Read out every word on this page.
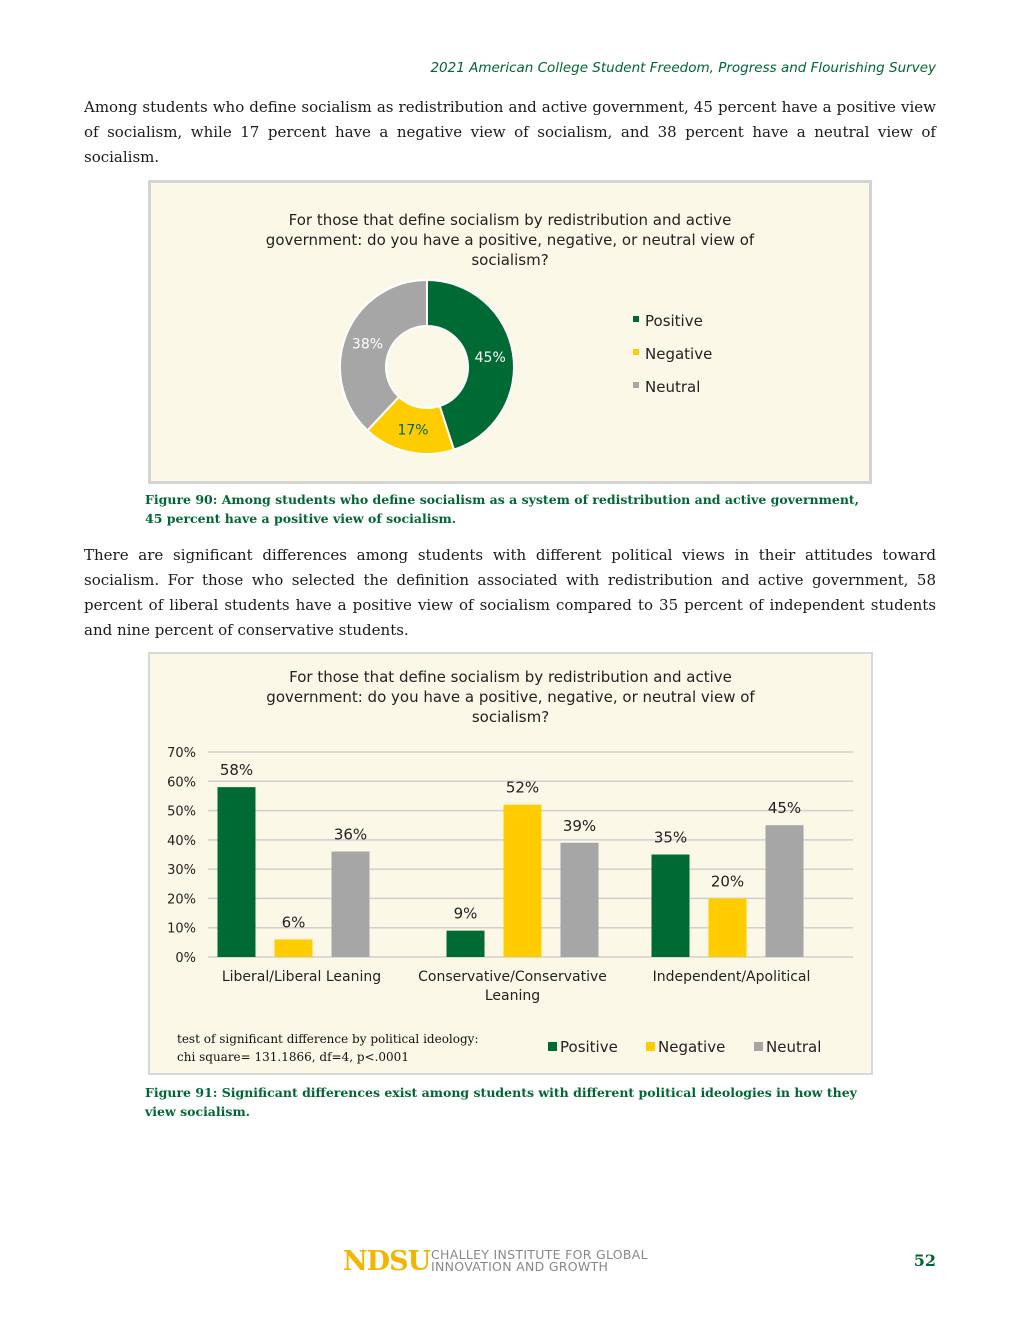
2021 American College Student Freedom, Progress and Flourishing Survey

Among students who define socialism as redistribution and active government, 45 percent have a positive view of socialism, while 17 percent have a negative view of socialism, and 38 percent have a neutral view of socialism.

For those that define socialism by redistribution and active
government: do you have a positive, negative, or neutral view of
socialism?
45%
17%
38%
Positive
Negative
Neutral
Figure 90: Among students who define socialism as a system of redistribution and active government,
45 percent have a positive view of socialism.

There are significant differences among students with different political views in their attitudes toward socialism. For those who selected the definition associated with redistribution and active government, 58 percent of liberal students have a positive view of socialism compared to 35 percent of independent students and nine percent of conservative students.

For those that define socialism by redistribution and active
government: do you have a positive, negative, or neutral view of
socialism?
0%
10%
20%
30%
40%
50%
60%
70%
58%
6%
36%
Liberal/Liberal Leaning
9%
52%
39%
Conservative/Conservative
Leaning
35%
20%
45%
Independent/Apolitical
Positive	Negative	Neutral
test of significant difference by political ideology:
chi square= 131.1866, df=4, p<.0001
Figure 91: Significant differences exist among students with different political ideologies in how they
view socialism.
NDSU CHALLEY INSTITUTE FOR GLOBAL
INNOVATION AND GROWTH	52
